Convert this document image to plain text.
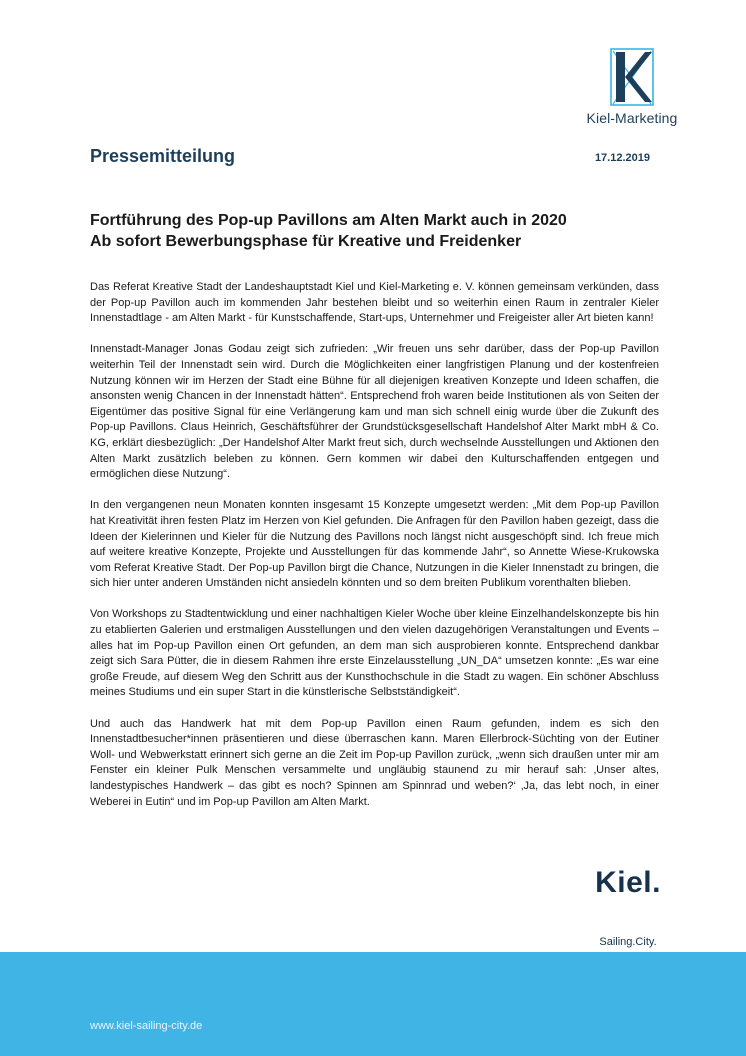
Kiel-Marketing
Pressemitteilung	17.12.2019
Fortführung des Pop-up Pavillons am Alten Markt auch in 2020
Ab sofort Bewerbungsphase für Kreative und Freidenker

Das Referat Kreative Stadt der Landeshauptstadt Kiel und Kiel-Marketing e. V. können gemeinsam verkünden, dass der Pop-up Pavillon auch im kommenden Jahr bestehen bleibt und so weiterhin einen Raum in zentraler Kieler Innenstadtlage - am Alten Markt - für Kunstschaffende, Start-ups, Unternehmer und Freigeister aller Art bieten kann!

Innenstadt-Manager Jonas Godau zeigt sich zufrieden: „Wir freuen uns sehr darüber, dass der Pop-up Pavillon weiterhin Teil der Innenstadt sein wird. Durch die Möglichkeiten einer langfristigen Planung und der kostenfreien Nutzung können wir im Herzen der Stadt eine Bühne für all diejenigen kreativen Konzepte und Ideen schaffen, die ansonsten wenig Chancen in der Innenstadt hätten“. Entsprechend froh waren beide Institutionen als von Seiten der Eigentümer das positive Signal für eine Verlängerung kam und man sich schnell einig wurde über die Zukunft des Pop-up Pavillons. Claus Heinrich, Geschäftsführer der Grundstücksgesellschaft Handelshof Alter Markt mbH & Co. KG, erklärt diesbezüglich: „Der Handelshof Alter Markt freut sich, durch wechselnde Ausstellungen und Aktionen den Alten Markt zusätzlich beleben zu können. Gern kommen wir dabei den Kulturschaffenden entgegen und ermöglichen diese Nutzung“.

In den vergangenen neun Monaten konnten insgesamt 15 Konzepte umgesetzt werden: „Mit dem Pop-up Pavillon hat Kreativität ihren festen Platz im Herzen von Kiel gefunden. Die Anfragen für den Pavillon haben gezeigt, dass die Ideen der Kielerinnen und Kieler für die Nutzung des Pavillons noch längst nicht ausgeschöpft sind. Ich freue mich auf weitere kreative Konzepte, Projekte und Ausstellungen für das kommende Jahr“, so Annette Wiese-Krukowska vom Referat Kreative Stadt. Der Pop-up Pavillon birgt die Chance, Nutzungen in die Kieler Innenstadt zu bringen, die sich hier unter anderen Umständen nicht ansiedeln könnten und so dem breiten Publikum vorenthalten blieben.

Von Workshops zu Stadtentwicklung und einer nachhaltigen Kieler Woche über kleine Einzelhandelskonzepte bis hin zu etablierten Galerien und erstmaligen Ausstellungen und den vielen dazugehörigen Veranstaltungen und Events – alles hat im Pop-up Pavillon einen Ort gefunden, an dem man sich ausprobieren konnte. Entsprechend dankbar zeigt sich Sara Pütter, die in diesem Rahmen ihre erste Einzelausstellung „UN_DA“ umsetzen konnte: „Es war eine große Freude, auf diesem Weg den Schritt aus der Kunsthochschule in die Stadt zu wagen. Ein schöner Abschluss meines Studiums und ein super Start in die künstlerische Selbstständigkeit“.

Und auch das Handwerk hat mit dem Pop-up Pavillon einen Raum gefunden, indem es sich den Innenstadtbesucher*innen präsentieren und diese überraschen kann. Maren Ellerbrock-Süchting von der Eutiner Woll- und Webwerkstatt erinnert sich gerne an die Zeit im Pop-up Pavillon zurück, „wenn sich draußen unter mir am Fenster ein kleiner Pulk Menschen versammelte und ungläubig staunend zu mir herauf sah: ‚Unser altes, landestypisches Handwerk – das gibt es noch? Spinnen am Spinnrad und weben?‘ ‚Ja, das lebt noch, in einer Weberei in Eutin“ und im Pop-up Pavillon am Alten Markt.

www.kiel-sailing-city.de
Kiel.
Kiel
Sailing.City.
